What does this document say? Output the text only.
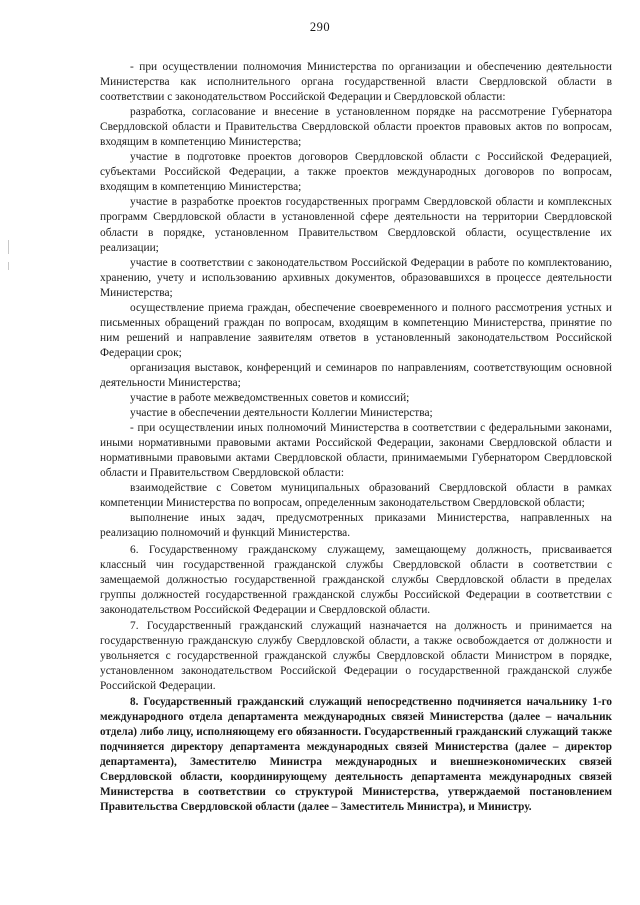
290

- при осуществлении полномочия Министерства по организации и обеспечению деятельности Министерства как исполнительного органа государственной власти Свердловской области в соответствии с законодательством Российской Федерации и Свердловской области:

разработка, согласование и внесение в установленном порядке на рассмотрение Губернатора Свердловской области и Правительства Свердловской области проектов правовых актов по вопросам, входящим в компетенцию Министерства;

участие в подготовке проектов договоров Свердловской области с Российской Федерацией, субъектами Российской Федерации, а также проектов международных договоров по вопросам, входящим в компетенцию Министерства;

участие в разработке проектов государственных программ Свердловской области и комплексных программ Свердловской области в установленной сфере деятельности на территории Свердловской области в порядке, установленном Правительством Свердловской области, осуществление их реализации;

участие в соответствии с законодательством Российской Федерации в работе по комплектованию, хранению, учету и использованию архивных документов, образовавшихся в процессе деятельности Министерства;

осуществление приема граждан, обеспечение своевременного и полного рассмотрения устных и письменных обращений граждан по вопросам, входящим в компетенцию Министерства, принятие по ним решений и направление заявителям ответов в установленный законодательством Российской Федерации срок;

организация выставок, конференций и семинаров по направлениям, соответствующим основной деятельности Министерства;

участие в работе межведомственных советов и комиссий;

участие в обеспечении деятельности Коллегии Министерства;

- при осуществлении иных полномочий Министерства в соответствии с федеральными законами, иными нормативными правовыми актами Российской Федерации, законами Свердловской области и нормативными правовыми актами Свердловской области, принимаемыми Губернатором Свердловской области и Правительством Свердловской области:

взаимодействие с Советом муниципальных образований Свердловской области в рамках компетенции Министерства по вопросам, определенным законодательством Свердловской области;

выполнение иных задач, предусмотренных приказами Министерства, направленных на реализацию полномочий и функций Министерства.

6. Государственному гражданскому служащему, замещающему должность, присваивается классный чин государственной гражданской службы Свердловской области в соответствии с замещаемой должностью государственной гражданской службы Свердловской области в пределах группы должностей государственной гражданской службы Российской Федерации в соответствии с законодательством Российской Федерации и Свердловской области.

7. Государственный гражданский служащий назначается на должность и принимается на государственную гражданскую службу Свердловской области, а также освобождается от должности и увольняется с государственной гражданской службы Свердловской области Министром в порядке, установленном законодательством Российской Федерации о государственной гражданской службе Российской Федерации.

8. Государственный гражданский служащий непосредственно подчиняется начальнику 1-го международного отдела департамента международных связей Министерства (далее – начальник отдела) либо лицу, исполняющему его обязанности. Государственный гражданский служащий также подчиняется директору департамента международных связей Министерства (далее – директор департамента), Заместителю Министра международных и внешнеэкономических связей Свердловской области, координирующему деятельность департамента международных связей Министерства в соответствии со структурой Министерства, утверждаемой постановлением Правительства Свердловской области (далее – Заместитель Министра), и Министру.
